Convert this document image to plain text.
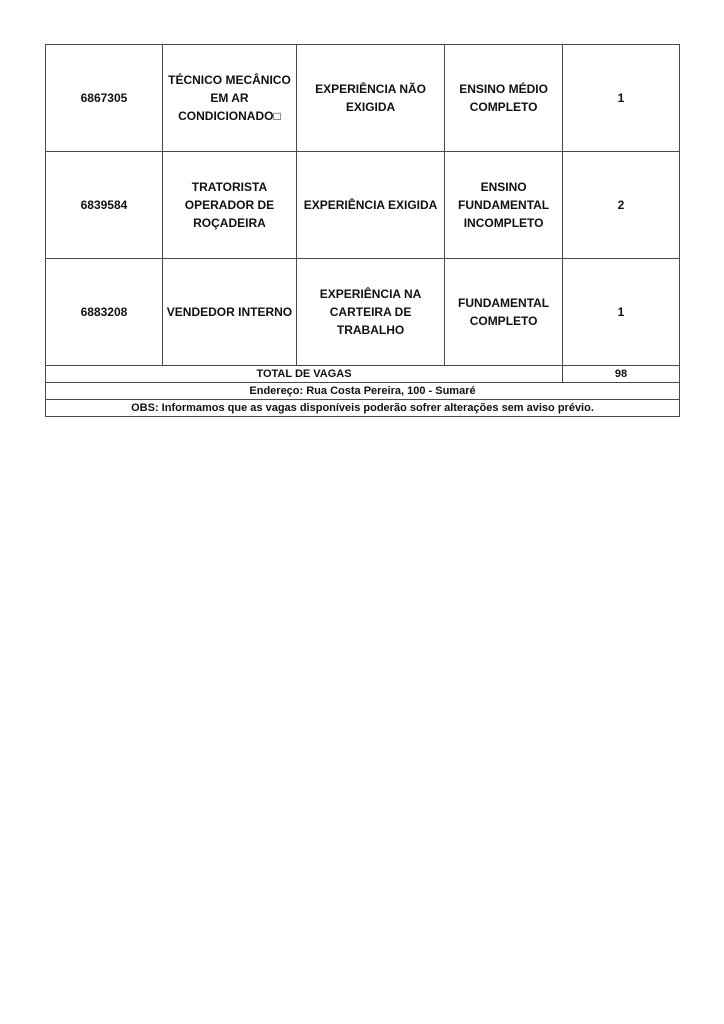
6867305	TÉCNICO MECÂNICO
EM AR
CONDICIONADO□	EXPERIÊNCIA NÃO
EXIGIDA	ENSINO MÉDIO
COMPLETO	1
6839584	TRATORISTA
OPERADOR DE
ROÇADEIRA	EXPERIÊNCIA EXIGIDA	ENSINO
FUNDAMENTAL
INCOMPLETO	2
6883208	VENDEDOR INTERNO	EXPERIÊNCIA NA
CARTEIRA DE
TRABALHO	FUNDAMENTAL
COMPLETO	1
TOTAL DE VAGAS				98
Endereço: Rua Costa Pereira, 100 - Sumaré				
OBS: Informamos que as vagas disponíveis poderão sofrer alterações sem aviso prévio.				
